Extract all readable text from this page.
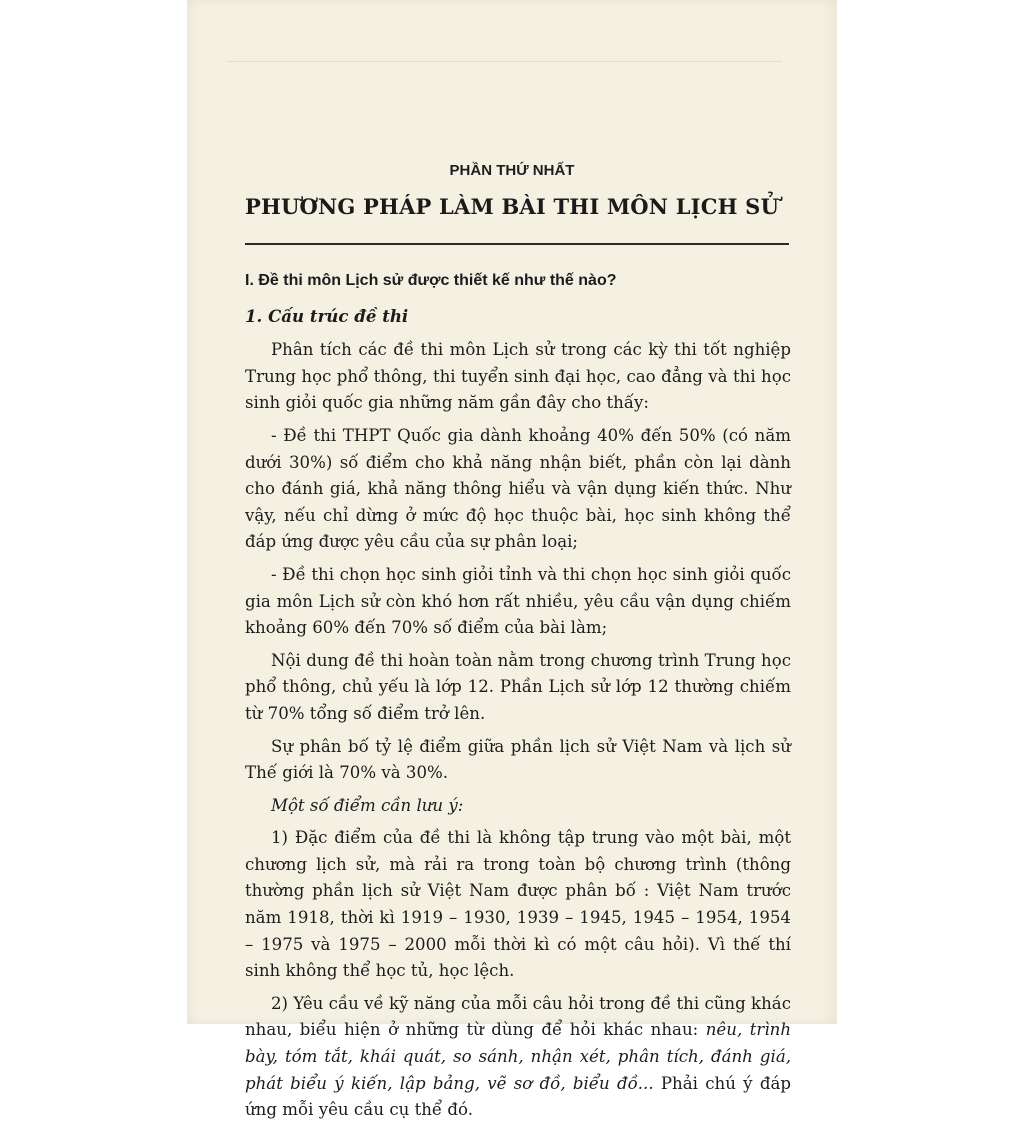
PHẦN THỨ NHẤT
PHƯƠNG PHÁP LÀM BÀI THI MÔN LỊCH SỬ
I. Đề thi môn Lịch sử được thiết kế như thế nào?
1. Cấu trúc đề thi

Phân tích các đề thi môn Lịch sử trong các kỳ thi tốt nghiệp Trung học phổ thông, thi tuyển sinh đại học, cao đẳng và thi học sinh giỏi quốc gia những năm gần đây cho thấy:

- Đề thi THPT Quốc gia dành khoảng 40% đến 50% (có năm dưới 30%) số điểm cho khả năng nhận biết, phần còn lại dành cho đánh giá, khả năng thông hiểu và vận dụng kiến thức. Như vậy, nếu chỉ dừng ở mức độ học thuộc bài, học sinh không thể đáp ứng được yêu cầu của sự phân loại;

- Đề thi chọn học sinh giỏi tỉnh và thi chọn học sinh giỏi quốc gia môn Lịch sử còn khó hơn rất nhiều, yêu cầu vận dụng chiếm khoảng 60% đến 70% số điểm của bài làm;

Nội dung đề thi hoàn toàn nằm trong chương trình Trung học phổ thông, chủ yếu là lớp 12. Phần Lịch sử lớp 12 thường chiếm từ 70% tổng số điểm trở lên.

Sự phân bố tỷ lệ điểm giữa phần lịch sử Việt Nam và lịch sử Thế giới là 70% và 30%.

Một số điểm cần lưu ý:

1) Đặc điểm của đề thi là không tập trung vào một bài, một chương lịch sử, mà rải ra trong toàn bộ chương trình (thông thường phần lịch sử Việt Nam được phân bố : Việt Nam trước năm 1918, thời kì 1919 – 1930, 1939 – 1945, 1945 – 1954, 1954 – 1975 và 1975 – 2000 mỗi thời kì có một câu hỏi). Vì thế thí sinh không thể học tủ, học lệch.

2) Yêu cầu về kỹ năng của mỗi câu hỏi trong đề thi cũng khác nhau, biểu hiện ở những từ dùng để hỏi khác nhau: nêu, trình bày, tóm tắt, khái quát, so sánh, nhận xét, phân tích, đánh giá, phát biểu ý kiến, lập bảng, vẽ sơ đồ, biểu đồ... Phải chú ý đáp ứng mỗi yêu cầu cụ thể đó.
